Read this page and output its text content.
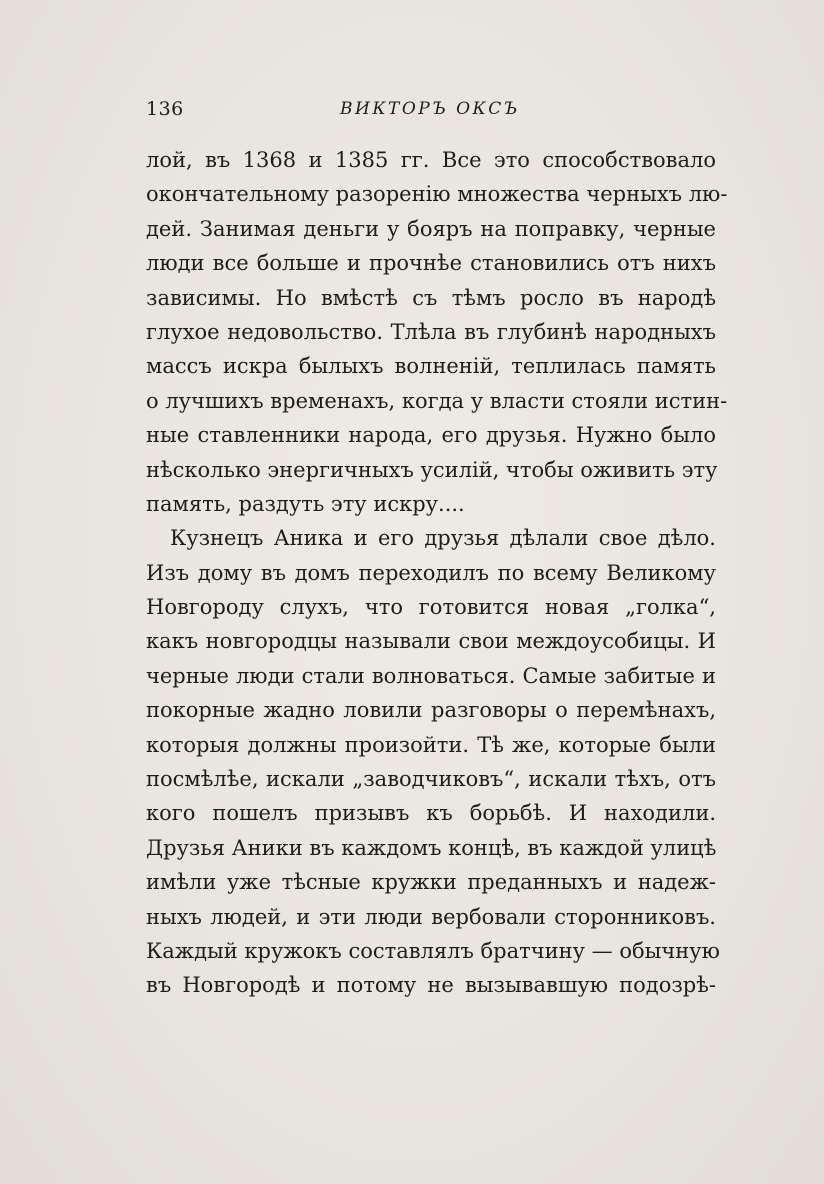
136	ВИКТОРЪ ОКСЪ
лой, въ 1368 и 1385 гг. Все это способствовало
окончательному разоренію множества черныхъ лю-
дей. Занимая деньги у бояръ на поправку, черные
люди все больше и прочнѣе становились отъ нихъ
зависимы. Но вмѣстѣ съ тѣмъ росло въ народѣ
глухое недовольство. Тлѣла въ глубинѣ народныхъ
массъ искра былыхъ волненій, теплилась память
о лучшихъ временахъ, когда у власти стояли истин-
ные ставленники народа, его друзья. Нужно было
нѣсколько энергичныхъ усилій, чтобы оживить эту
память, раздуть эту искру....
Кузнецъ Аника и его друзья дѣлали свое дѣло.
Изъ дому въ домъ переходилъ по всему Великому
Новгороду слухъ, что готовится новая „голка“,
какъ новгородцы называли свои междоусобицы. И
черные люди стали волноваться. Самые забитые и
покорные жадно ловили разговоры о перемѣнахъ,
которыя должны произойти. Тѣ же, которые были
посмѣлѣе, искали „заводчиковъ“, искали тѣхъ, отъ
кого пошелъ призывъ къ борьбѣ. И находили.
Друзья Аники въ каждомъ концѣ, въ каждой улицѣ
имѣли уже тѣсные кружки преданныхъ и надеж-
ныхъ людей, и эти люди вербовали сторонниковъ.
Каждый кружокъ составлялъ братчину — обычную
въ Новгородѣ и потому не вызывавшую подозрѣ-
